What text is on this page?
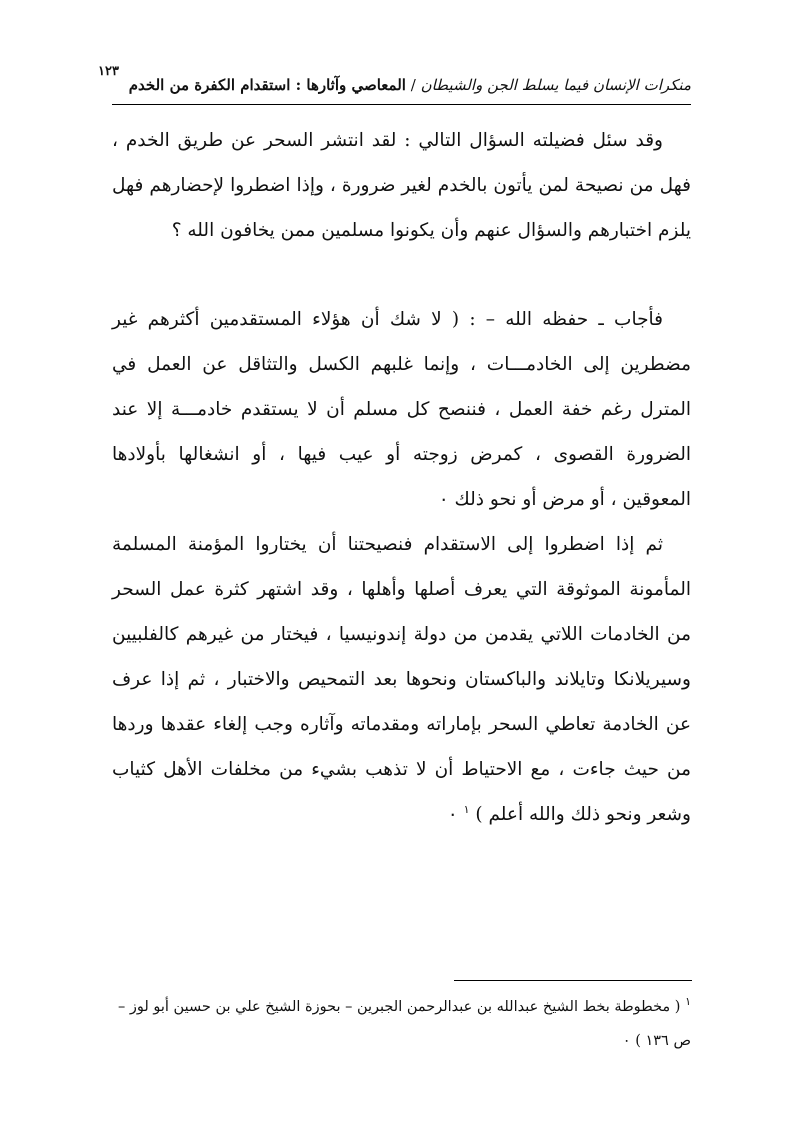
١٢٣
منكرات الإنسان فيما يسلط الجن والشيطان / المعاصي وآثارها : استقدام الكفرة من الخدم

وقد سئل فضيلته السؤال التالي : لقد انتشر السحر عن طريق الخدم ، فهل من نصيحة لمن يأتون بالخدم لغير ضرورة ، وإذا اضطروا لإحضارهم فهل يلزم اختبارهم والسؤال عنهم وأن يكونوا مسلمين ممن يخافون الله ؟

فأجاب ـ حفظه الله – : ( لا شك أن هؤلاء المستقدمين أكثرهم غير مضطرين إلى الخادمـــات ، وإنما غلبهم الكسل والتثاقل عن العمل في المترل رغم خفة العمل ، فننصح كل مسلم أن لا يستقدم خادمـــة إلا عند الضرورة القصوى ، كمرض زوجته أو عيب فيها ، أو انشغالها بأولادها المعوقين ، أو مرض أو نحو ذلك ٠

ثم إذا اضطروا إلى الاستقدام فنصيحتنا أن يختاروا المؤمنة المسلمة المأمونة الموثوقة التي يعرف أصلها وأهلها ، وقد اشتهر كثرة عمل السحر من الخادمات اللاتي يقدمن من دولة إندونيسيا ، فيختار من غيرهم كالفلبيين وسيريلانكا وتايلاند والباكستان ونحوها بعد التمحيص والاختبار ، ثم إذا عرف عن الخادمة تعاطي السحر بإماراته ومقدماته وآثاره وجب إلغاء عقدها وردها من حيث جاءت ، مع الاحتياط أن لا تذهب بشيء من مخلفات الأهل كثياب وشعر ونحو ذلك والله أعلم ) $^١$ ٠

$^١$ ( مخطوطة بخط الشيخ عبدالله بن عبدالرحمن الجبرين – بحوزة الشيخ علي بن حسين أبو لوز – ص ١٣٦ ) ٠
